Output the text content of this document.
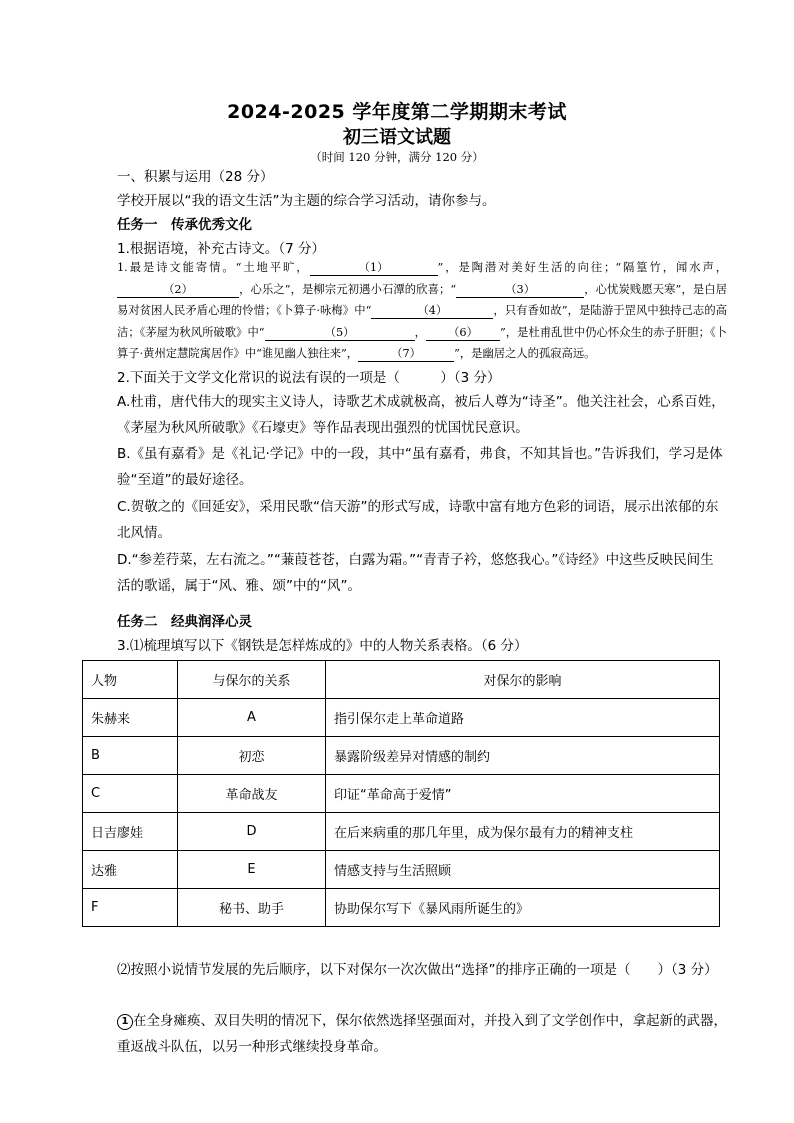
2024-2025 学年度第二学期期末考试
初三语文试题
（时间 120 分钟，满分 120 分）
一、积累与运用（28 分）
学校开展以“我的语文生活”为主题的综合学习活动，请你参与。
任务一　传承优秀文化
1.根据语境，补充古诗文。（7 分）
1.最是诗文能寄情。“土地平旷，	（1）	”，是陶潜对美好生活的向往；“隔篁竹，闻水声，（2）	，心乐之”，是柳宗元初遇小石潭的欣喜；“	（3）	，心忧炭贱愿天寒”，是白居易对贫困人民矛盾心理的怜惜；《卜算子·咏梅》中“	（4）	，只有香如故”，是陆游于罡风中独持己志的高洁；《茅屋为秋风所破歌》中“	（5）	， （6） ”，是杜甫乱世中仍心怀众生的赤子肝胆；《卜算子·黄州定慧院寓居作》中“谁见幽人独往来”，	（7）	”，是幽居之人的孤寂高远。
2.下面关于文学文化常识的说法有误的一项是（　　　）（3 分）
A.杜甫，唐代伟大的现实主义诗人，诗歌艺术成就极高，被后人尊为“诗圣”。他关注社会，心系百姓，《茅屋为秋风所破歌》《石壕吏》等作品表现出强烈的忧国忧民意识。
B.《虽有嘉肴》是《礼记·学记》中的一段，其中“虽有嘉肴，弗食，不知其旨也。”告诉我们，学习是体验“至道”的最好途径。
C.贺敬之的《回延安》，采用民歌“信天游”的形式写成，诗歌中富有地方色彩的词语，展示出浓郁的东北风情。
D.“参差荇菜，左右流之。”“蒹葭苍苍，白露为霜。”“青青子衿，悠悠我心。”《诗经》中这些反映民间生活的歌谣，属于“风、雅、颂”中的“风”。
任务二　经典润泽心灵
3.⑴梳理填写以下《钢铁是怎样炼成的》中的人物关系表格。（6 分）
人物	与保尔的关系	对保尔的影响
朱赫来	A	指引保尔走上革命道路
B	初恋	暴露阶级差异对情感的制约
C	革命战友	印证“革命高于爱情”
日吉廖娃	D	在后来病重的那几年里，成为保尔最有力的精神支柱
达雅	E	情感支持与生活照顾
F	秘书、助手	协助保尔写下《暴风雨所诞生的》
⑵按照小说情节发展的先后顺序，以下对保尔一次次做出“选择”的排序正确的一项是（　　）（3 分）
1 在全身瘫痪、双目失明的情况下，保尔依然选择坚强面对，并投入到了文学创作中，拿起新的武器，重返战斗队伍，以另一种形式继续投身革命。
